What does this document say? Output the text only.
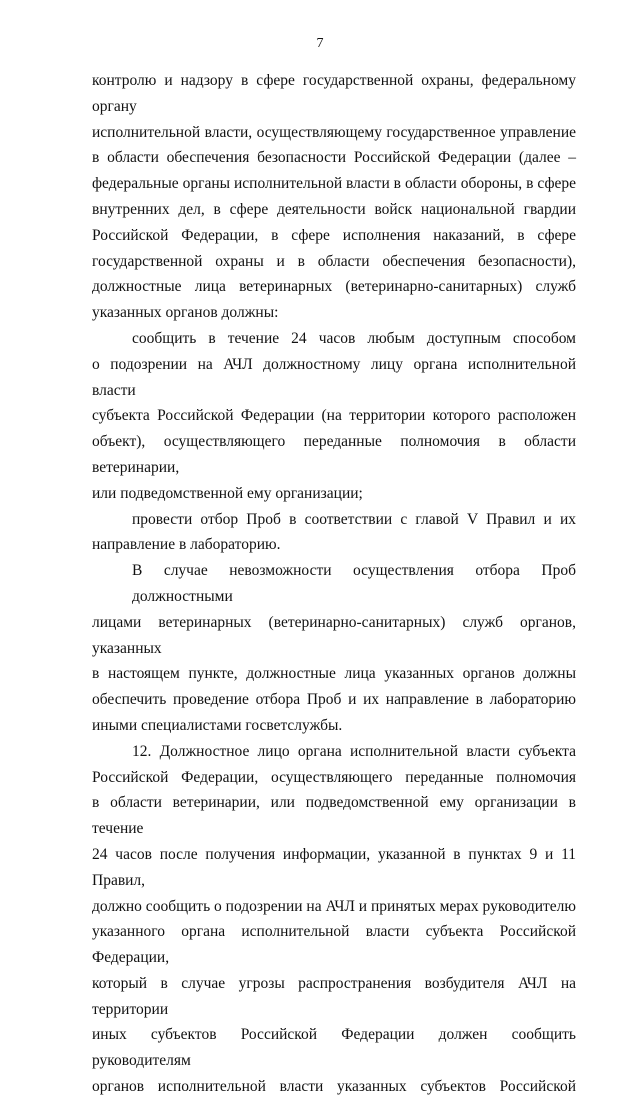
7

контролю и надзору в сфере государственной охраны, федеральному органу
исполнительной власти, осуществляющему государственное управление
в области обеспечения безопасности Российской Федерации (далее –
федеральные органы исполнительной власти в области обороны, в сфере
внутренних дел, в сфере деятельности войск национальной гвардии
Российской Федерации, в сфере исполнения наказаний, в сфере
государственной охраны и в области обеспечения безопасности),
должностные лица ветеринарных (ветеринарно-санитарных) служб
указанных органов должны:

сообщить в течение 24 часов любым доступным способом
о подозрении на АЧЛ должностному лицу органа исполнительной власти
субъекта Российской Федерации (на территории которого расположен
объект), осуществляющего переданные полномочия в области ветеринарии,
или подведомственной ему организации;

провести отбор Проб в соответствии с главой V Правил и их
направление в лабораторию.

В случае невозможности осуществления отбора Проб должностными
лицами ветеринарных (ветеринарно-санитарных) служб органов, указанных
в настоящем пункте, должностные лица указанных органов должны
обеспечить проведение отбора Проб и их направление в лабораторию
иными специалистами госветслужбы.

12. Должностное лицо органа исполнительной власти субъекта
Российской Федерации, осуществляющего переданные полномочия
в области ветеринарии, или подведомственной ему организации в течение
24 часов после получения информации, указанной в пунктах 9 и 11 Правил,
должно сообщить о подозрении на АЧЛ и принятых мерах руководителю
указанного органа исполнительной власти субъекта Российской Федерации,
который в случае угрозы распространения возбудителя АЧЛ на территории
иных субъектов Российской Федерации должен сообщить руководителям
органов исполнительной власти указанных субъектов Российской
